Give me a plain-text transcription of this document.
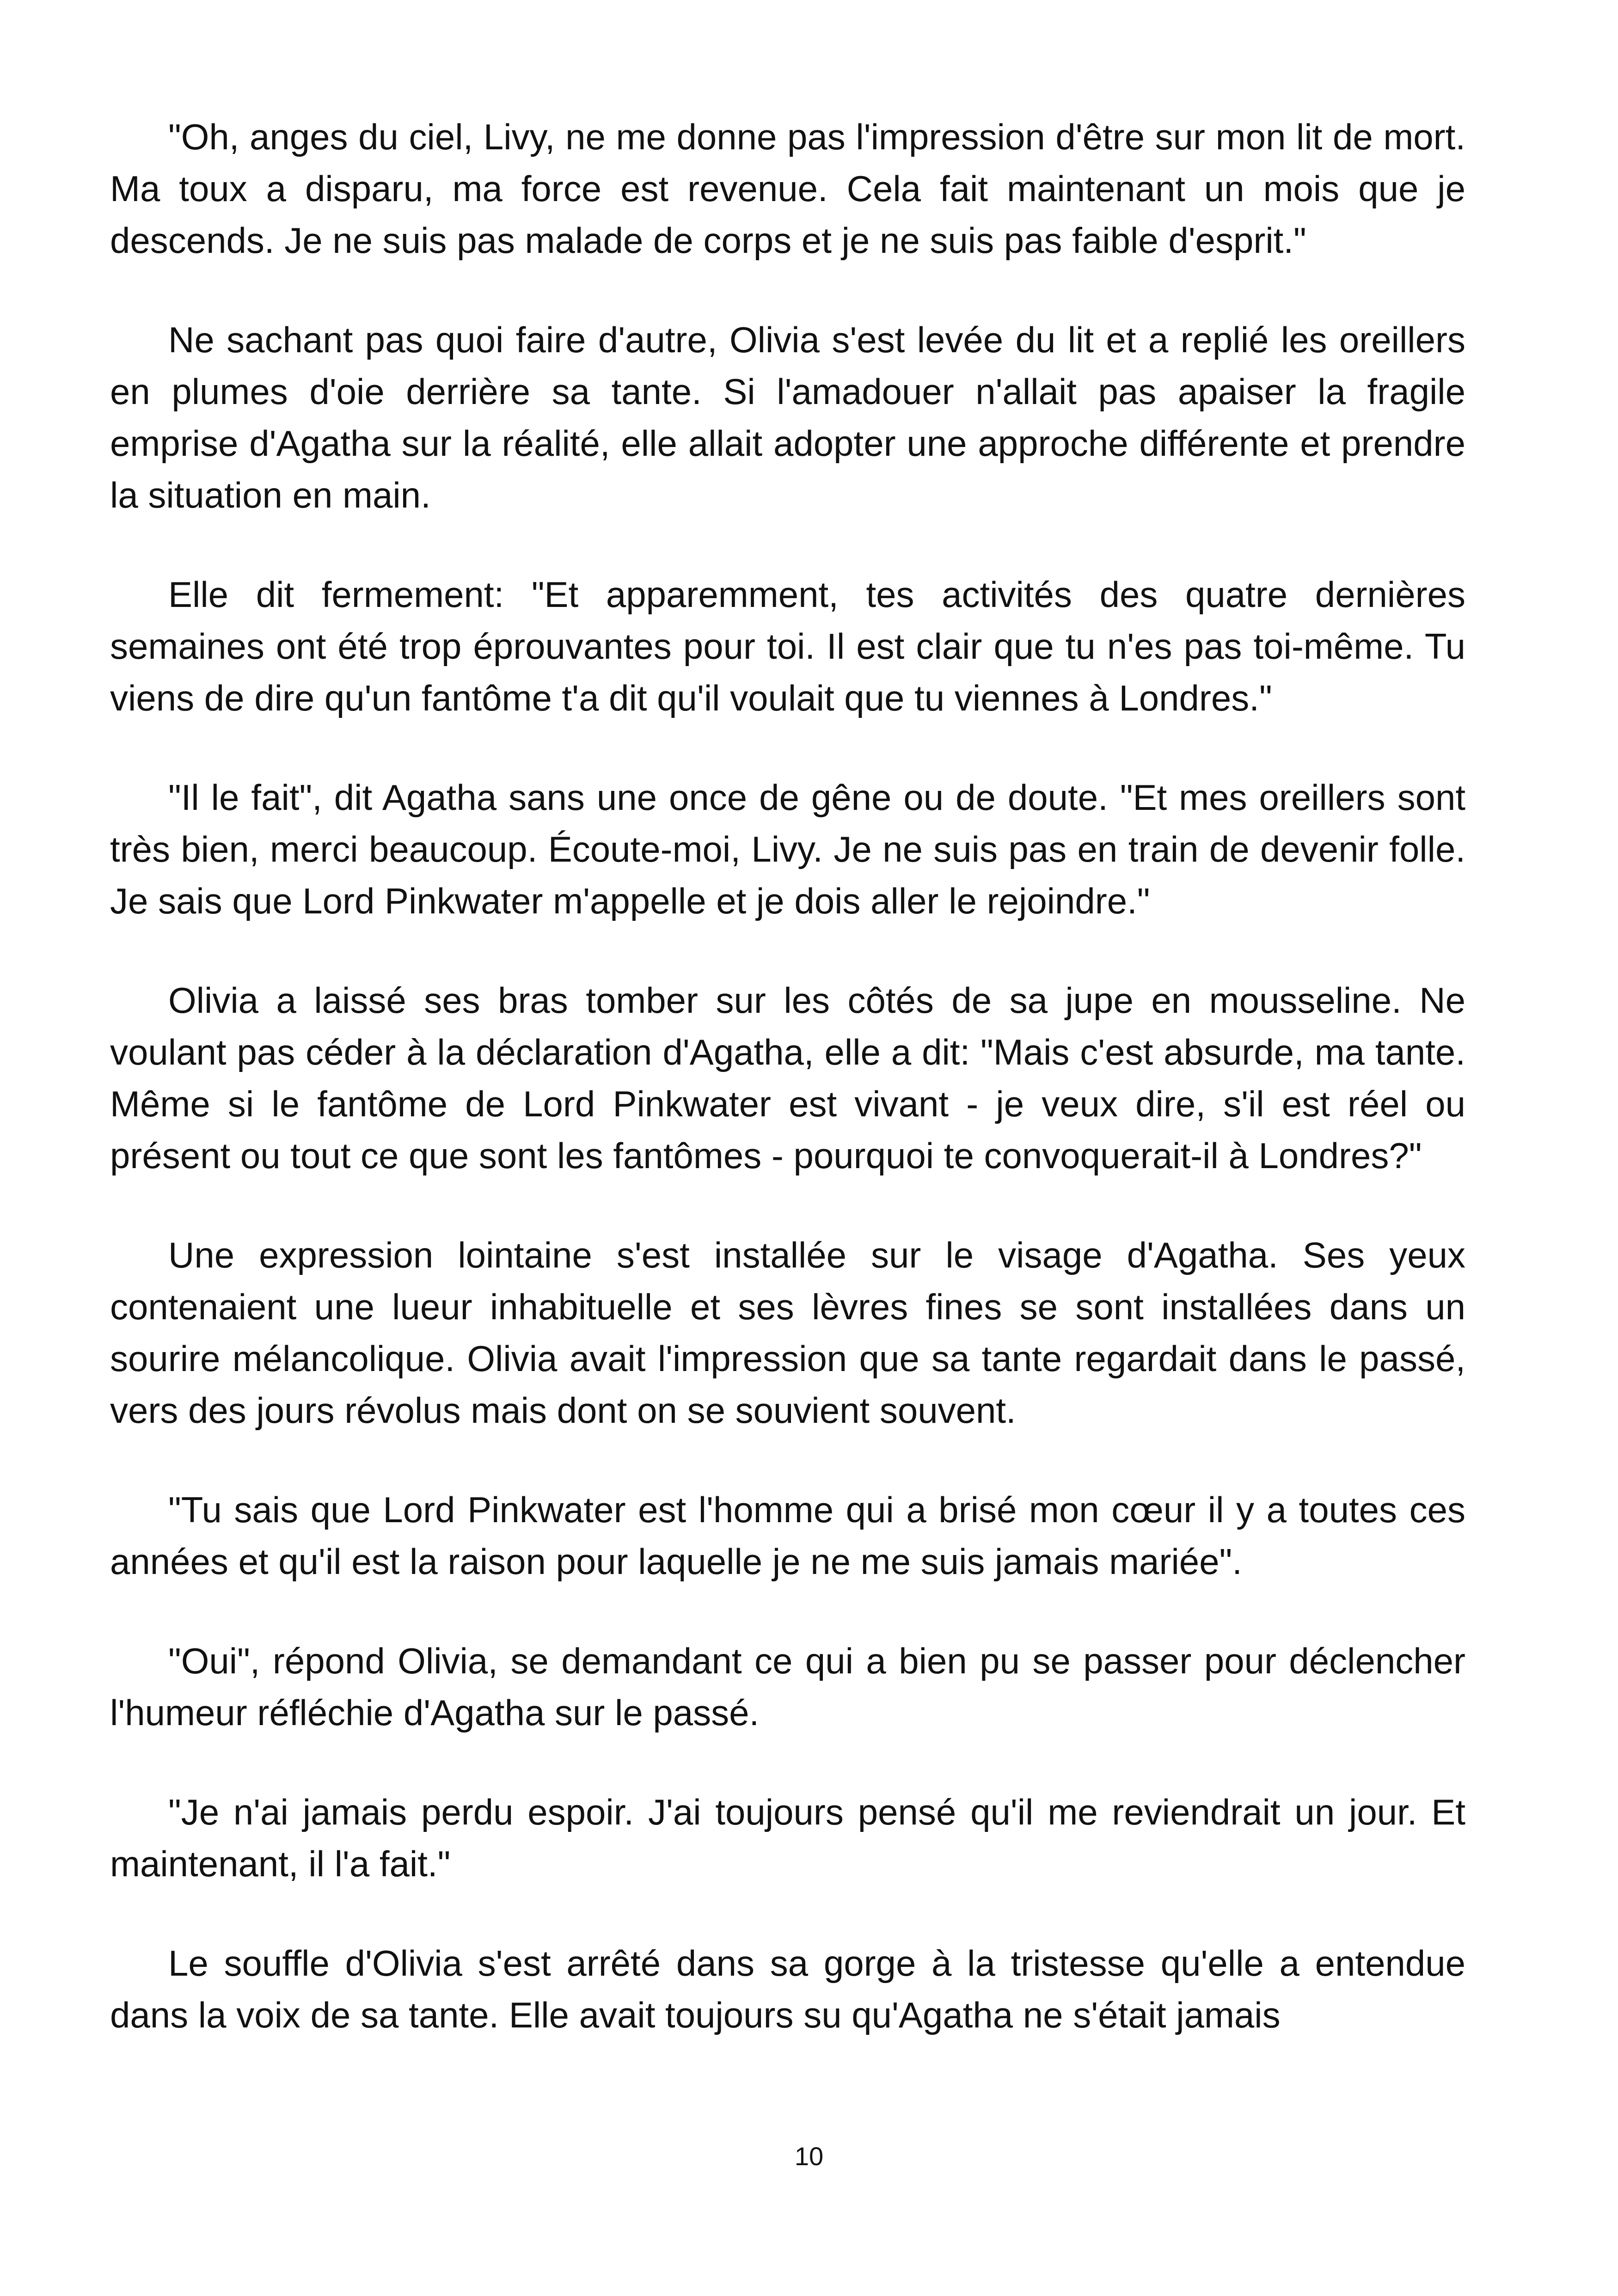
"Oh, anges du ciel, Livy, ne me donne pas l'impression d'être sur mon lit de mort. Ma toux a disparu, ma force est revenue. Cela fait maintenant un mois que je descends. Je ne suis pas malade de corps et je ne suis pas faible d'esprit."

Ne sachant pas quoi faire d'autre, Olivia s'est levée du lit et a replié les oreillers en plumes d'oie derrière sa tante. Si l'amadouer n'allait pas apaiser la fragile emprise d'Agatha sur la réalité, elle allait adopter une approche différente et prendre la situation en main.

Elle dit fermement: "Et apparemment, tes activités des quatre dernières semaines ont été trop éprouvantes pour toi. Il est clair que tu n'es pas toi-même. Tu viens de dire qu'un fantôme t'a dit qu'il voulait que tu viennes à Londres."

"Il le fait", dit Agatha sans une once de gêne ou de doute. "Et mes oreillers sont très bien, merci beaucoup. Écoute-moi, Livy. Je ne suis pas en train de devenir folle. Je sais que Lord Pinkwater m'appelle et je dois aller le rejoindre."

Olivia a laissé ses bras tomber sur les côtés de sa jupe en mousseline. Ne voulant pas céder à la déclaration d'Agatha, elle a dit: "Mais c'est absurde, ma tante. Même si le fantôme de Lord Pinkwater est vivant - je veux dire, s'il est réel ou présent ou tout ce que sont les fantômes - pourquoi te convoquerait-il à Londres?"

Une expression lointaine s'est installée sur le visage d'Agatha. Ses yeux contenaient une lueur inhabituelle et ses lèvres fines se sont installées dans un sourire mélancolique. Olivia avait l'impression que sa tante regardait dans le passé, vers des jours révolus mais dont on se souvient souvent.

"Tu sais que Lord Pinkwater est l'homme qui a brisé mon cœur il y a toutes ces années et qu'il est la raison pour laquelle je ne me suis jamais mariée".

"Oui", répond Olivia, se demandant ce qui a bien pu se passer pour déclencher l'humeur réfléchie d'Agatha sur le passé.

"Je n'ai jamais perdu espoir. J'ai toujours pensé qu'il me reviendrait un jour. Et maintenant, il l'a fait."

Le souffle d'Olivia s'est arrêté dans sa gorge à la tristesse qu'elle a entendue dans la voix de sa tante. Elle avait toujours su qu'Agatha ne s'était jamais

10
